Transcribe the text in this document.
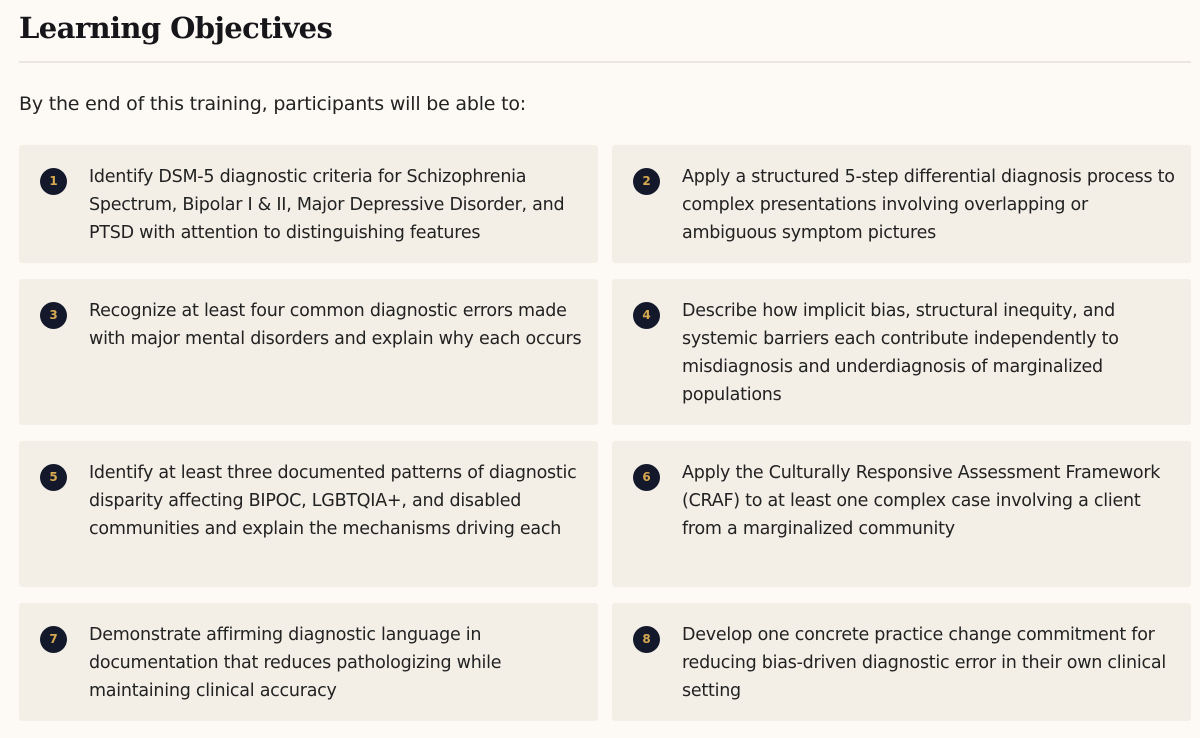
Learning Objectives

By the end of this training, participants will be able to:

1	Identify DSM-5 diagnostic criteria for Schizophrenia Spectrum, Bipolar I & II, Major Depressive Disorder, and PTSD with attention to distinguishing features

2	Apply a structured 5-step differential diagnosis process to complex presentations involving overlapping or ambiguous symptom pictures

3	Recognize at least four common diagnostic errors made with major mental disorders and explain why each occurs

4	Describe how implicit bias, structural inequity, and systemic barriers each contribute independently to misdiagnosis and underdiagnosis of marginalized populations

5	Identify at least three documented patterns of diagnostic disparity affecting BIPOC, LGBTQIA+, and disabled communities and explain the mechanisms driving each

6	Apply the Culturally Responsive Assessment Framework (CRAF) to at least one complex case involving a client from a marginalized community

7	Demonstrate affirming diagnostic language in documentation that reduces pathologizing while maintaining clinical accuracy

8	Develop one concrete practice change commitment for reducing bias-driven diagnostic error in their own clinical setting
